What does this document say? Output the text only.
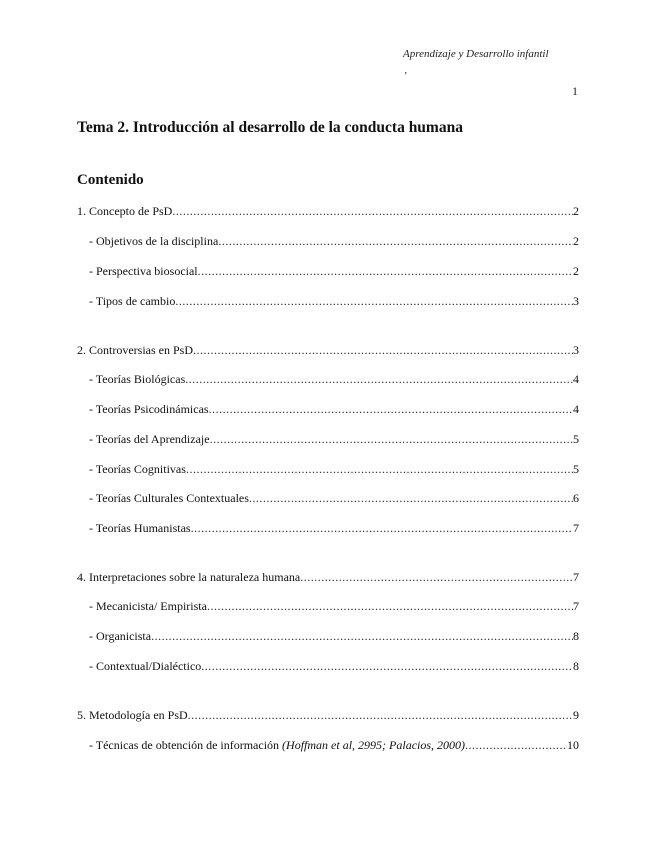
Aprendizaje y Desarrollo infantil
‚
1
Tema 2. Introducción al desarrollo de la conducta humana
Contenido
1. Concepto de PsD .....	2
- Objetivos de la disciplina .....	2
- Perspectiva biosocial .....	2
- Tipos de cambio .....	3
2. Controversias en PsD .....	3
- Teorías Biológicas .....	4
- Teorías Psicodinámicas .....	4
- Teorías del Aprendizaje .....	5
- Teorías Cognitivas .....	5
- Teorías Culturales Contextuales .....	6
- Teorías Humanistas .....	7
4. Interpretaciones sobre la naturaleza humana .....	7
- Mecanicista/ Empirista .....	7
- Organicista .....	8
- Contextual/Dialéctico .....	8
5. Metodología en PsD .....	9
- Técnicas de obtención de información (Hoffman et al, 2995; Palacios, 2000) .....	10
